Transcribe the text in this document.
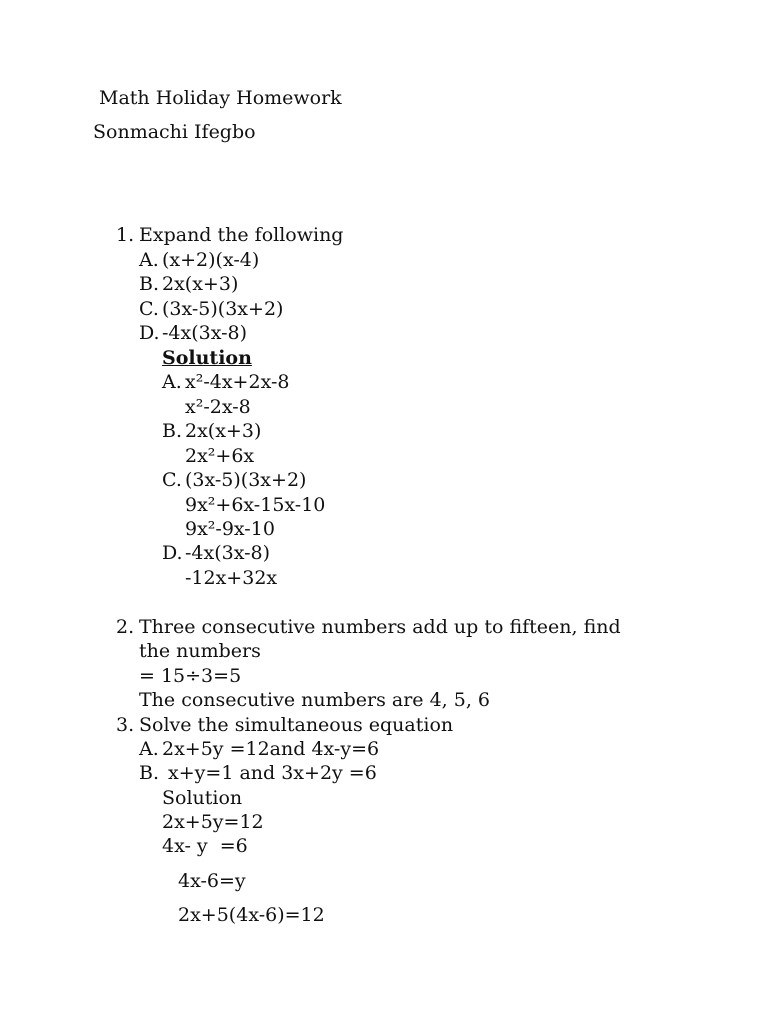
Math Holiday Homework
Sonmachi Ifegbo
1. Expand the following
A. (x+2)(x-4)
B. 2x(x+3)
C. (3x-5)(3x+2)
D. -4x(3x-8)
Solution
A. x²-4x+2x-8
x²-2x-8
B. 2x(x+3)
2x²+6x
C. (3x-5)(3x+2)
9x²+6x-15x-10
9x²-9x-10
D. -4x(3x-8)
-12x+32x
2. Three consecutive numbers add up to fifteen, find
the numbers
= 15÷3=5
The consecutive numbers are 4, 5, 6
3. Solve the simultaneous equation
A. 2x+5y =12and 4x-y=6
B. x+y=1 and 3x+2y =6
Solution
2x+5y=12
4x- y  =6
4x-6=y
2x+5(4x-6)=12
